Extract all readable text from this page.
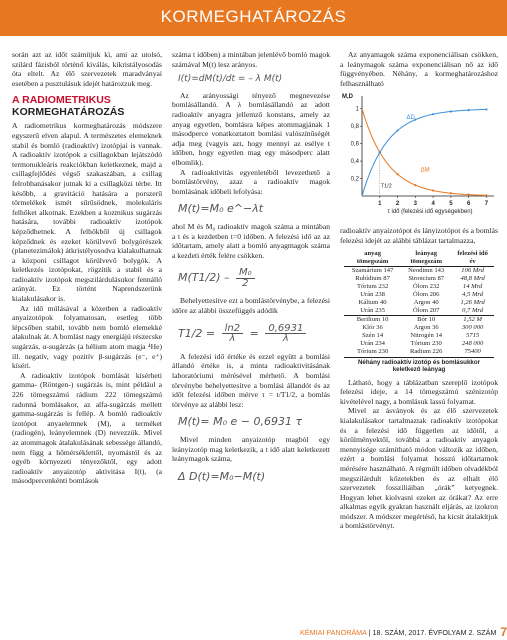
KORMEGHATÁROZÁS

során azt az időt számítjuk ki, ami az utolsó, szilárd fázisból történő kiválás, kikristályosodás óta eltelt. Az élő szervezetek maradványai esetében a pusztulásuk idejét határozzuk meg.

A RADIOMETRIKUS
KORMEGHATÁROZÁS

A radiometrikus kormeghatározás módszere egyszerű elven alapul. A természetes elemeknek stabil és bomló (radioaktív) izotópjai is vannak. A radioaktív izotópok a csillagokban lejátszódó termonukleáris reakciókban keletkeznek, majd a csillagfejlődés végső szakaszában, a csillag felrobbanásakor jutnak ki a csillagközi térbe. Itt később, a gravitáció hatására a porszerű törmelékek ismét sűrűsödnek, molekuláris felhőket alkotnak. Ezekben a kozmikus sugárzás hatására, további radioaktív izotópok képződhetnek. A felhőkből új csillagok képződnek és ezeket körülvevő bolygórészek (planetezimálok) átkristélyosodva kialakulhatnak a közponi csillagot körülvevő bolygók. A keletkezés izotópokat, rögzítik a stabil és a radioaktív izotópok megszilárdulásukor fennálló arányát. Ez történt Naprendszerünk kialakulásakor is.

Az idő múlásával a közetben a radioaktív anyaizotópok folyamatosan, esetleg több lépcsőben stabil, tovább nem bomló elemekké alakulnak át. A bomlást nagy energiájú részecske sugárzás, α-sugárzás (a hélium atom magja ⁴He) ill. negatív, vagy pozitív β-sugárzás (e⁻, e⁺) kíséri.

A radioaktív izotópok bomlását kísérheti gamma- (Röntgen-) sugárzás is, mint például a 226 tömegszámú rádium 222 tömegszámú radonná bomlásakor, az alfa-sugárzás mellett gamma-sugárzás is fellép. A bomló radioaktív izotópot anyaelemnek (M), a terméket (radiogén), leányelemnek (D) nevezzük. Mivel az atommagok átalakulásának sebessége állandó, nem függ a hőmérséklettől, nyomástól és az egyéb környezeti tényezőktől, egy adott radioaktív anyaizotóp aktivitása I(t), (a másodpercenkénti bomlások

száma t időben) a mintában jelenlévő bomló magok számával M(t) lesz arányos.

I(t)=dM(t)/dt = – λ M(t)

Az arányossági tényező megnevezése bomlásállandó. A λ bomlásállandó az adott radioaktív anyagra jellemző konstans, amely az anyag egyetlen, bomlásra képes atommagjának 1 másodperce vonatkoztatott bomlási valószínűségét adja meg (vagyis azt, hogy mennyi az esélye t időben, hogy egyetlen mag egy másodperc alatt elbomlik).

A radioaktivitás egyenletéből levezethető a bomlástörvény, azaz a radioaktív magok bomlásának időbeli lefolyása:

M(t)=M₀ e^−λt

ahol M és M₀ radioaktív magok száma a mintában a t és a kezdetben t=0 időben. A felezési idő az az időtartam, amely alatt a bomló anyagmagok száma a kezdeti érték felére csökken.

$M(T1/2) - \frac{\text{M₀}}{2}$

Behelyettesítve ezt a bomlástörvénybe, a felezési időre az alábbi összefüggés adódik

$T1/2 = \frac{\ln 2}{\lambda} = \frac{0,6931}{\lambda}$

A felezési idő értéke és ezzel együtt a bomlási állandó értéke is, a minta radioaktivitásának laboratóriumi mérésével mérhető. A bomlási törvénybe behelyettesítve a bomlási állandót és az időt felezési időben mérve τ = t/T1/2, a bomlás törvénye az alábbi lesz:

M(t)= M₀ e − 0,6931 τ

Mivel minden anyaizotóp magból egy leányizotóp mag keletkezik, a t idő alatt keletkezett leánymagok száma,

Δ D(t)=M₀−M(t)

Az anyamagok száma exponenciálisan csökken, a leánymagok száma exponenciálisan nő az idő függvényében. Néhány, a kormeghatározáshoz felhasználható

M,D
0,2
0,4
0,6
0,8
1
1 2 3 4 5 6 7
τ idő (felezési idő egységekben)
ΔD
T1/2
ΔM

radioaktív anyaizotópot és lányizotópot és a bomlás felezési idejét az alábbi táblázat tartalmazza,

anyag
tömegszám	leányag
tömegszám	felezési idő
év
Szamárium 147	Neodimn 143	106 Mrd
Rubídium 87	Stroncium 87	48,8 Mrd
Tórium 232	Ólom 232	14 Mrd
Urán 238	Ólom 206	4,5 Mrd
Kálium 40	Argon 40	1,26 Mrd
Urán 235	Ólom 207	0,7 Mrd
Berilium 10	Bór 10	1,52 M
Klór 36	Argon 36	300 000
Szén 14	Nitrogén 14	5715
Urán 234	Tórium 230	248 000
Tórium 230	Radium 226	75400
Néhány radioaktív izotóp és bomlásukkor keletkező leányag

Látható, hogy a táblázatban szereplő izotópok felezési ideje, a 14 tömegszámú szénizotóp kivételével nagy, a bomlásuk lassú folyamat.

Mivel az ásványok és az élő szervezetek kialakulásakor tartalmaztak radioaktív izotópokat és a felezési idő független az időtől, a körülményektől, továbbá a radioaktív anyagok mennyisége számítható módon változik az időben, ezért a bomlási folyamat hosszú időtartamok mérésére használható. A régmúlt időben olvadékból megszilárdult kőzetekben és az elhalt élő szervezetek fosszíliáiban „órák” ketyegnek. Hogyan lehet kiolvasni ezeket az órákat? Az erre alkalmas egyik gyakran használt eljárás, az izokron módszer. A módszer megértéső, ha kicsit átalakítjuk a bomlástörvényt.

KÉMIAI PANORÁMA | 18. SZÁM, 2017. ÉVFOLYAM 2. SZÁM 7
